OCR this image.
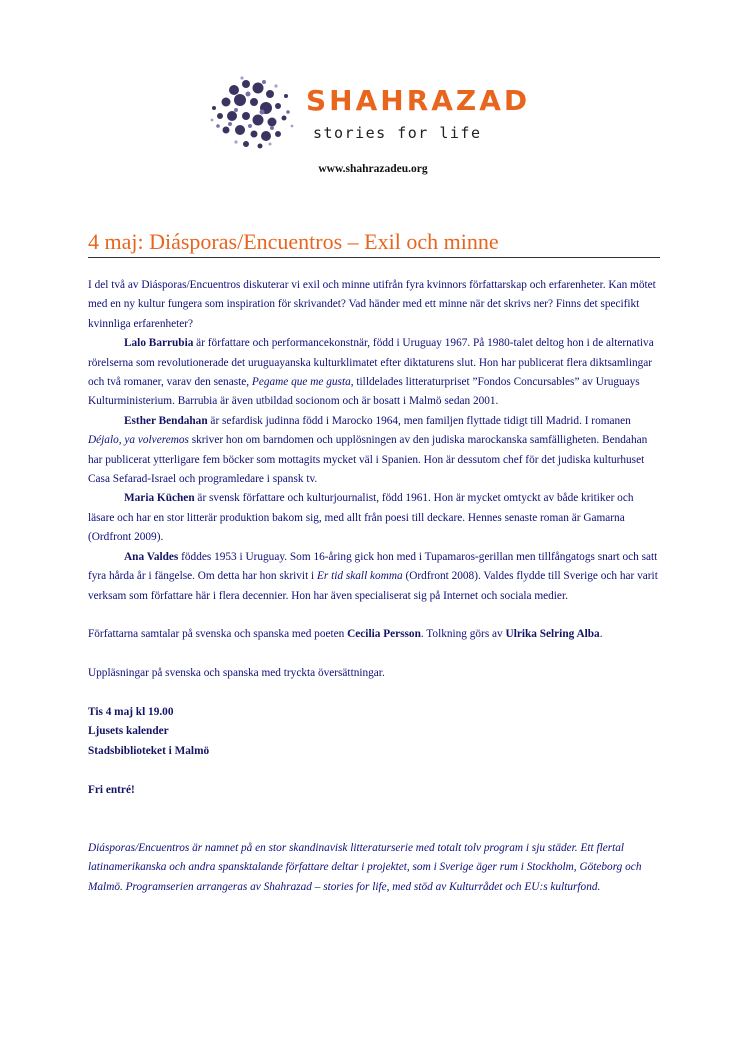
SHAHRAZAD
stories for life
www.shahrazadeu.org
4 maj: Diásporas/Encuentros – Exil och minne

I del två av Diásporas/Encuentros diskuterar vi exil och minne utifrån fyra kvinnors författarskap och erfarenheter. Kan mötet med en ny kultur fungera som inspiration för skrivandet? Vad händer med ett minne när det skrivs ner? Finns det specifikt kvinnliga erfarenheter?

Lalo Barrubia är författare och performancekonstnär, född i Uruguay 1967. På 1980-talet deltog hon i de alternativa rörelserna som revolutionerade det uruguayanska kulturklimatet efter diktaturens slut. Hon har publicerat flera diktsamlingar och två romaner, varav den senaste, Pegame que me gusta, tilldelades litteraturpriset ”Fondos Concursables” av Uruguays Kulturministerium. Barrubia är även utbildad socionom och är bosatt i Malmö sedan 2001.

Esther Bendahan är sefardisk judinna född i Marocko 1964, men familjen flyttade tidigt till Madrid. I romanen Déjalo, ya volveremos skriver hon om barndomen och upplösningen av den judiska marockanska samfälligheten. Bendahan har publicerat ytterligare fem böcker som mottagits mycket väl i Spanien. Hon är dessutom chef för det judiska kulturhuset Casa Sefarad-Israel och programledare i spansk tv.

Maria Küchen är svensk författare och kulturjournalist, född 1961. Hon är mycket omtyckt av både kritiker och läsare och har en stor litterär produktion bakom sig, med allt från poesi till deckare. Hennes senaste roman är Gamarna (Ordfront 2009).

Ana Valdes föddes 1953 i Uruguay. Som 16-åring gick hon med i Tupamaros-gerillan men tillfångatogs snart och satt fyra hårda år i fängelse. Om detta har hon skrivit i Er tid skall komma (Ordfront 2008). Valdes flydde till Sverige och har varit verksam som författare här i flera decennier. Hon har även specialiserat sig på Internet och sociala medier.

Författarna samtalar på svenska och spanska med poeten Cecilia Persson. Tolkning görs av Ulrika Selring Alba.

Uppläsningar på svenska och spanska med tryckta översättningar.

Tis 4 maj kl 19.00

Ljusets kalender

Stadsbiblioteket i Malmö

Fri entré!

Diásporas/Encuentros är namnet på en stor skandinavisk litteraturserie med totalt tolv program i sju städer. Ett flertal latinamerikanska och andra spansktalande författare deltar i projektet, som i Sverige äger rum i Stockholm, Göteborg och Malmö. Programserien arrangeras av Shahrazad – stories for life, med stöd av Kulturrådet och EU:s kulturfond.
